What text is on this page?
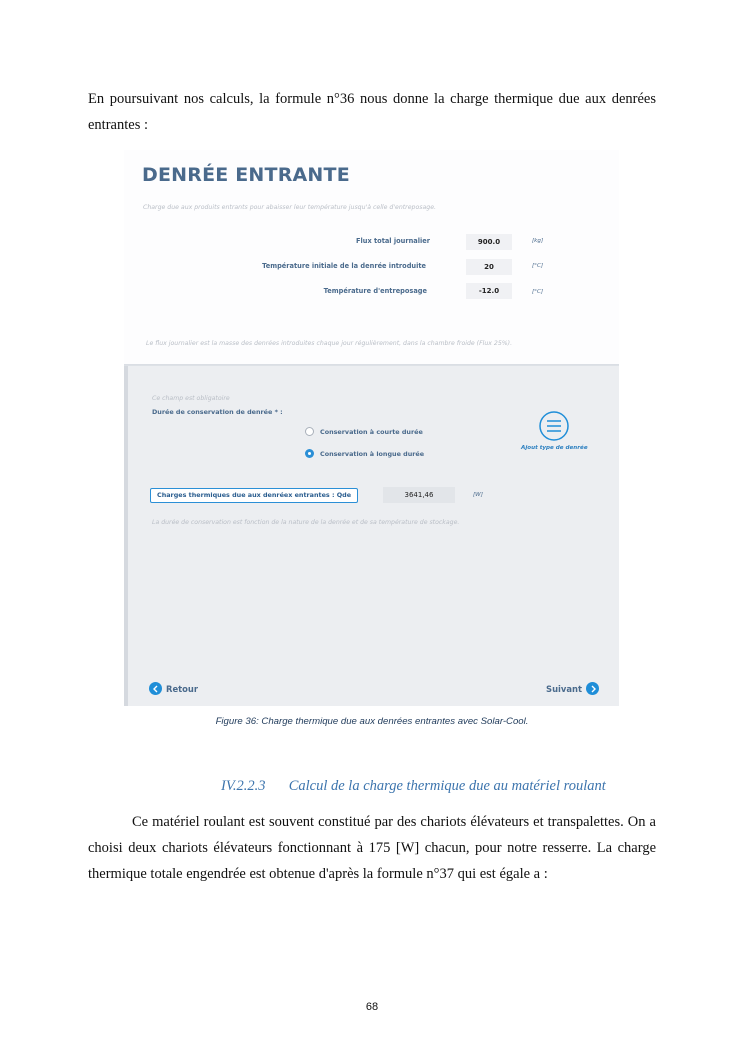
En poursuivant nos calculs, la formule n°36 nous donne la charge thermique due aux denrées entrantes :

DENRÉE ENTRANTE
Charge due aux produits entrants pour abaisser leur température jusqu'à celle d'entreposage.
Flux total journalier	900.0	[kg]
Température initiale de la denrée introduite	20	[°C]
Température d'entreposage	-12.0	[°C]
Le flux journalier est la masse des denrées introduites chaque jour régulièrement, dans la chambre froide (Flux 25%).
Ce champ est obligatoire
Durée de conservation de denrée * :
Conservation à courte durée
Conservation à longue durée
Ajout type de denrée
Charges thermiques due aux denréex entrantes : Qde	3641,46	[W]
La durée de conservation est fonction de la nature de la denrée et de sa température de stockage.
Retour	Suivant
Figure 36: Charge thermique due aux denrées entrantes avec Solar-Cool.
IV.2.2.3 Calcul de la charge thermique due au matériel roulant

Ce matériel roulant est souvent constitué par des chariots élévateurs et transpalettes. On a choisi deux chariots élévateurs fonctionnant à 175 [W] chacun, pour notre resserre. La charge thermique totale engendrée est obtenue d'après la formule n°37 qui est égale a :

68
